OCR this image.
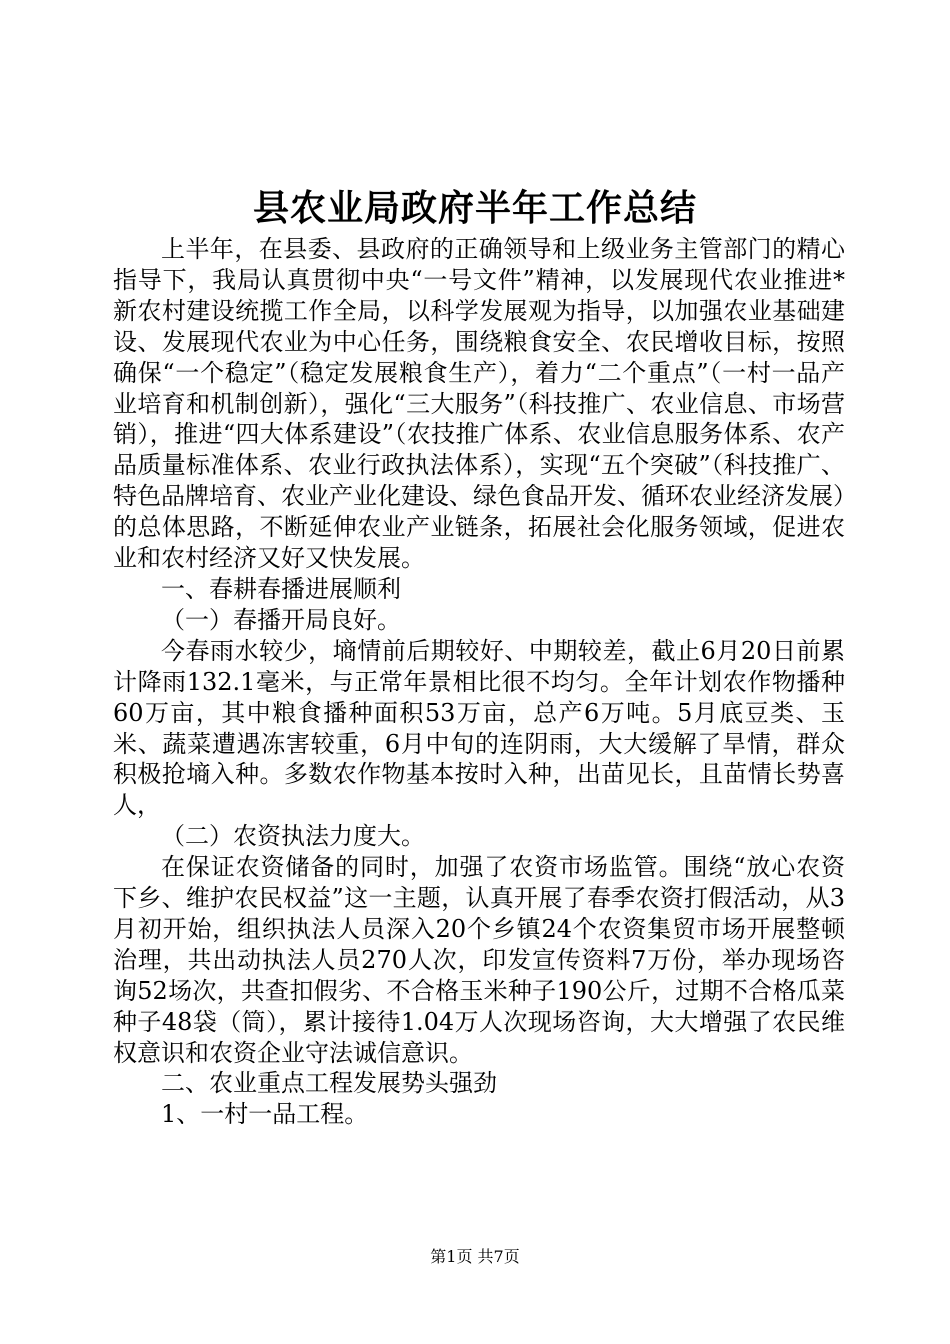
县农业局政府半年工作总结

上半年，在县委、县政府的正确领导和上级业务主管部门的精心指导下，我局认真贯彻中央“一号文件”精神，以发展现代农业推进*新农村建设统揽工作全局，以科学发展观为指导，以加强农业基础建设、发展现代农业为中心任务，围绕粮食安全、农民增收目标，按照确保“一个稳定”（稳定发展粮食生产），着力“二个重点”（一村一品产业培育和机制创新），强化“三大服务”（科技推广、农业信息、市场营销），推进“四大体系建设”（农技推广体系、农业信息服务体系、农产品质量标准体系、农业行政执法体系），实现“五个突破”（科技推广、特色品牌培育、农业产业化建设、绿色食品开发、循环农业经济发展）的总体思路，不断延伸农业产业链条，拓展社会化服务领域，促进农业和农村经济又好又快发展。

一、春耕春播进展顺利

（一）春播开局良好。

今春雨水较少，墒情前后期较好、中期较差，截止6月20日前累计降雨132.1毫米，与正常年景相比很不均匀。全年计划农作物播种60万亩，其中粮食播种面积53万亩，总产6万吨。5月底豆类、玉米、蔬菜遭遇冻害较重，6月中旬的连阴雨，大大缓解了旱情，群众积极抢墒入种。多数农作物基本按时入种，出苗见长，且苗情长势喜人，

（二）农资执法力度大。

在保证农资储备的同时，加强了农资市场监管。围绕“放心农资下乡、维护农民权益”这一主题，认真开展了春季农资打假活动，从3月初开始，组织执法人员深入20个乡镇24个农资集贸市场开展整顿治理，共出动执法人员270人次，印发宣传资料7万份，举办现场咨询52场次，共查扣假劣、不合格玉米种子190公斤，过期不合格瓜菜种子48袋（筒），累计接待1.04万人次现场咨询，大大增强了农民维权意识和农资企业守法诚信意识。

二、农业重点工程发展势头强劲

1、一村一品工程。

第1页 共7页
